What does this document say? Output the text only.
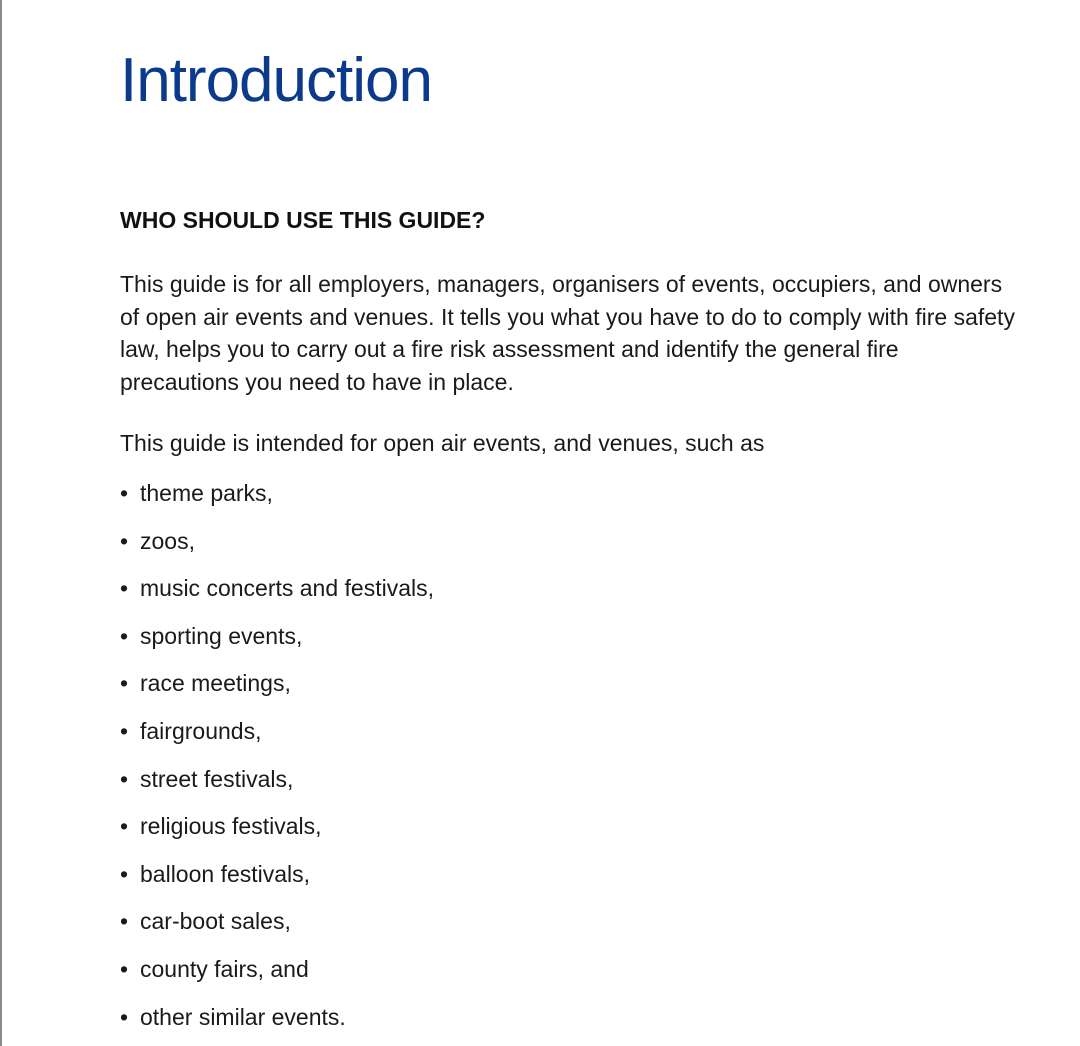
Introduction
WHO SHOULD USE THIS GUIDE?

This guide is for all employers, managers, organisers of events, occupiers, and owners of open air events and venues. It tells you what you have to do to comply with fire safety law, helps you to carry out a fire risk assessment and identify the general fire precautions you need to have in place.

This guide is intended for open air events, and venues, such as

• theme parks,
• zoos,
• music concerts and festivals,
• sporting events,
• race meetings,
• fairgrounds,
• street festivals,
• religious festivals,
• balloon festivals,
• car-boot sales,
• county fairs, and
• other similar events.
